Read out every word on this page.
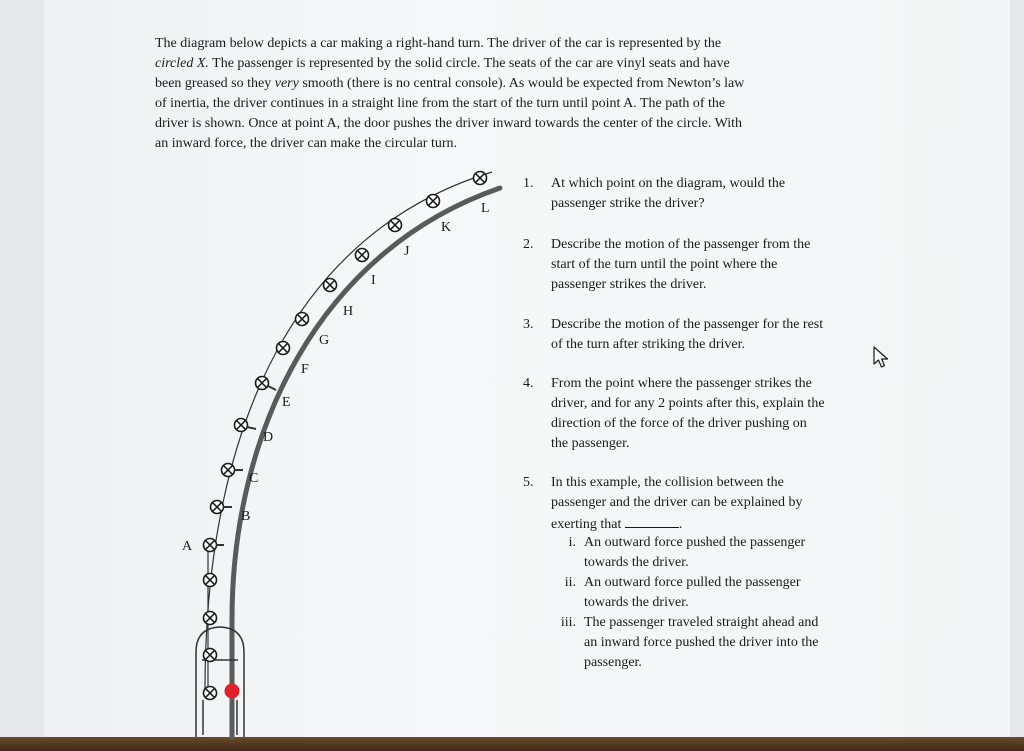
The diagram below depicts a car making a right-hand turn. The driver of the car is represented by the
circled X. The passenger is represented by the solid circle. The seats of the car are vinyl seats and have
been greased so they very smooth (there is no central console). As would be expected from Newton’s law
of inertia, the driver continues in a straight line from the start of the turn until point A. The path of the
driver is shown. Once at point A, the door pushes the driver inward towards the center of the circle. With
an inward force, the driver can make the circular turn.

A
B
C
D
E
F
G
H
I
J
K
L
1. At which point on the diagram, would the
passenger strike the driver?
2. Describe the motion of the passenger from the
start of the turn until the point where the
passenger strikes the driver.
3. Describe the motion of the passenger for the rest
of the turn after striking the driver.
4. From the point where the passenger strikes the
driver, and for any 2 points after this, explain the
direction of the force of the driver pushing on
the passenger.
5. In this example, the collision between the
passenger and the driver can be explained by
exerting that	.
i. An outward force pushed the passenger
towards the driver.
ii. An outward force pulled the passenger
towards the driver.
iii. The passenger traveled straight ahead and
an inward force pushed the driver into the
passenger.
